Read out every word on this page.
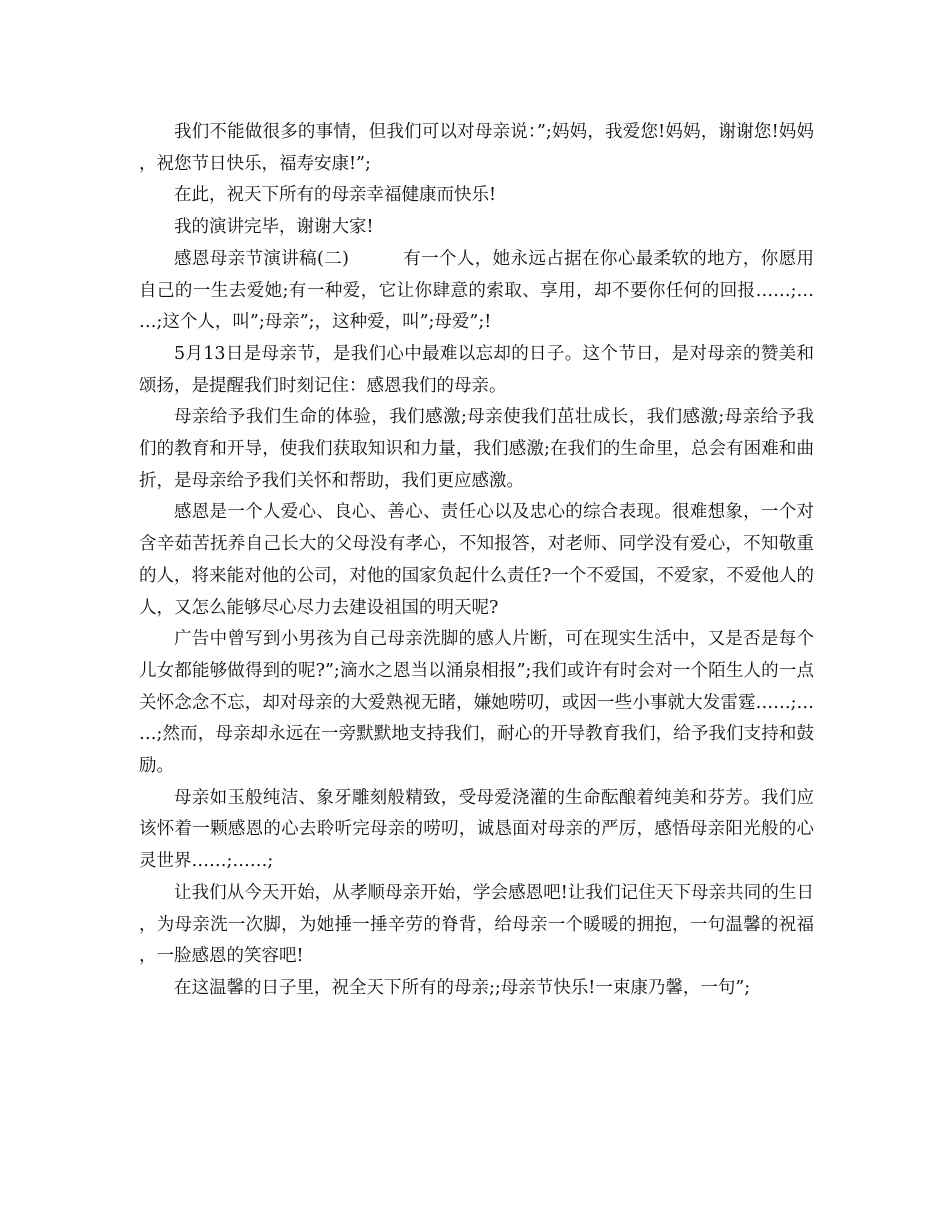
我们不能做很多的事情，但我们可以对母亲说：”;妈妈，我爱您!妈妈，谢谢您!妈妈，祝您节日快乐，福寿安康!”;

在此，祝天下所有的母亲幸福健康而快乐!

我的演讲完毕，谢谢大家!

感恩母亲节演讲稿(二)	有一个人，她永远占据在你心最柔软的地方，你愿用自己的一生去爱她;有一种爱，它让你肆意的索取、享用，却不要你任何的回报……;……;这个人，叫”;母亲”;，这种爱，叫”;母爱”;!

5月13日是母亲节，是我们心中最难以忘却的日子。这个节日，是对母亲的赞美和颂扬，是提醒我们时刻记住：感恩我们的母亲。

母亲给予我们生命的体验，我们感激;母亲使我们茁壮成长，我们感激;母亲给予我们的教育和开导，使我们获取知识和力量，我们感激;在我们的生命里，总会有困难和曲折，是母亲给予我们关怀和帮助，我们更应感激。

感恩是一个人爱心、良心、善心、责任心以及忠心的综合表现。很难想象，一个对含辛茹苦抚养自己长大的父母没有孝心，不知报答，对老师、同学没有爱心，不知敬重的人，将来能对他的公司，对他的国家负起什么责任?一个不爱国，不爱家，不爱他人的人，又怎么能够尽心尽力去建设祖国的明天呢?

广告中曾写到小男孩为自己母亲洗脚的感人片断，可在现实生活中，又是否是每个儿女都能够做得到的呢?”;滴水之恩当以涌泉相报”;我们或许有时会对一个陌生人的一点关怀念念不忘，却对母亲的大爱熟视无睹，嫌她唠叨，或因一些小事就大发雷霆……;……;然而，母亲却永远在一旁默默地支持我们，耐心的开导教育我们，给予我们支持和鼓励。

母亲如玉般纯洁、象牙雕刻般精致，受母爱浇灌的生命酝酿着纯美和芬芳。我们应该怀着一颗感恩的心去聆听完母亲的唠叨，诚恳面对母亲的严厉，感悟母亲阳光般的心灵世界……;……;

让我们从今天开始，从孝顺母亲开始，学会感恩吧!让我们记住天下母亲共同的生日，为母亲洗一次脚，为她捶一捶辛劳的脊背，给母亲一个暖暖的拥抱，一句温馨的祝福，一脸感恩的笑容吧!

在这温馨的日子里，祝全天下所有的母亲;;母亲节快乐!一束康乃馨，一句”;
